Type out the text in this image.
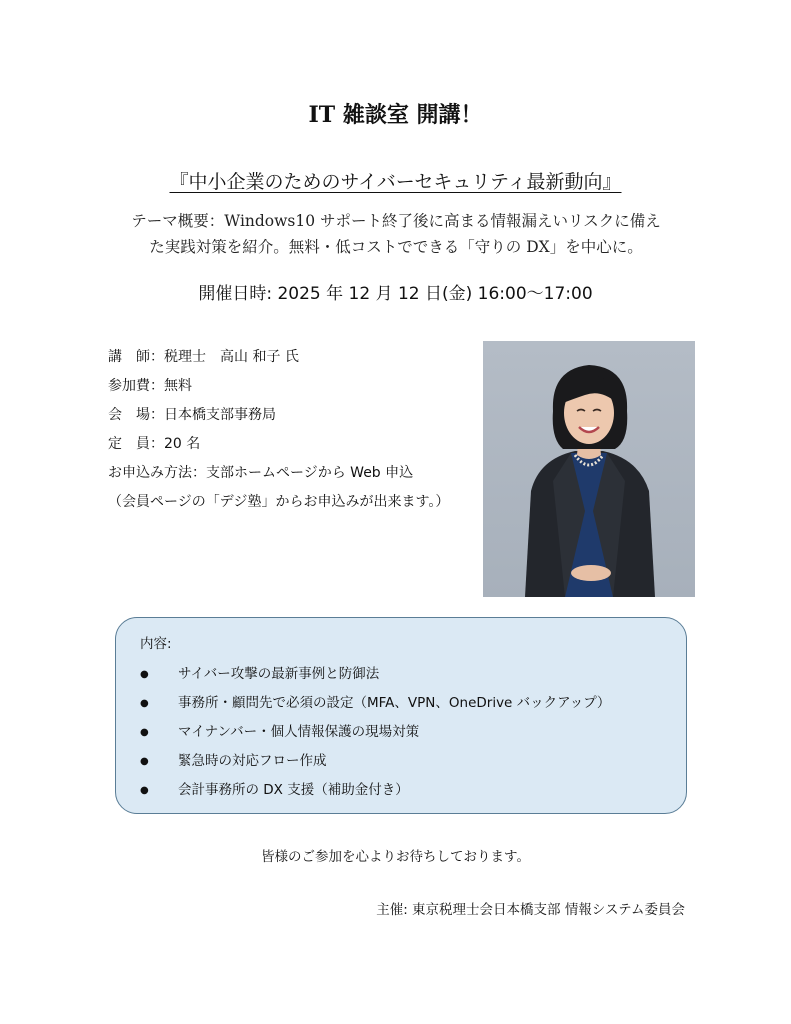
IT 雑談室 開講！
『中小企業のためのサイバーセキュリティ最新動向』
テーマ概要：Windows10 サポート終了後に高まる情報漏えいリスクに備え
た実践対策を紹介。無料・低コストでできる「守りの DX」を中心に。
開催日時: 2025 年 12 月 12 日(金) 16:00～17:00
講　師：税理士　高山 和子 氏
参加費：無料
会　場：日本橋支部事務局
定　員：20 名
お申込み方法：支部ホームページから Web 申込
（会員ページの「デジ塾」からお申込みが出来ます。）
内容:
● サイバー攻撃の最新事例と防御法
● 事務所・顧問先で必須の設定（MFA、VPN、OneDrive バックアップ）
● マイナンバー・個人情報保護の現場対策
● 緊急時の対応フロー作成
● 会計事務所の DX 支援（補助金付き）
皆様のご参加を心よりお待ちしております。
主催: 東京税理士会日本橋支部 情報システム委員会
